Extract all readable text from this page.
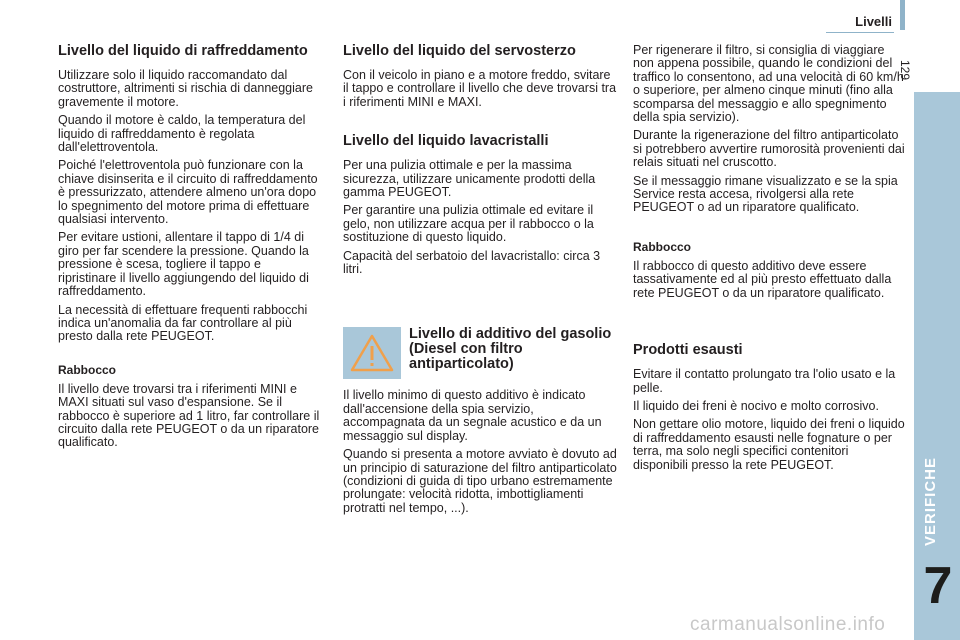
Livelli
129
VERIFICHE
7
Livello del liquido di raffreddamento

Utilizzare solo il liquido raccomandato dal costruttore, altrimenti si rischia di danneggiare gravemente il motore.

Quando il motore è caldo, la temperatura del liquido di raffreddamento è regolata dall'elettroventola.

Poiché l'elettroventola può funzionare con la chiave disinserita e il circuito di raffreddamento è pressurizzato, attendere almeno un'ora dopo lo spegnimento del motore prima di effettuare qualsiasi intervento.

Per evitare ustioni, allentare il tappo di 1/4 di giro per far scendere la pressione. Quando la pressione è scesa, togliere il tappo e ripristinare il livello aggiungendo del liquido di raffreddamento.

La necessità di effettuare frequenti rabbocchi indica un'anomalia da far controllare al più presto dalla rete PEUGEOT.

Rabbocco

Il livello deve trovarsi tra i riferimenti MINI e MAXI situati sul vaso d'espansione. Se il rabbocco è superiore ad 1 litro, far controllare il circuito dalla rete PEUGEOT o da un riparatore qualificato.

Livello del liquido del servosterzo

Con il veicolo in piano e a motore freddo, svitare il tappo e controllare il livello che deve trovarsi tra i riferimenti MINI e MAXI.

Livello del liquido lavacristalli

Per una pulizia ottimale e per la massima sicurezza, utilizzare unicamente prodotti della gamma PEUGEOT.

Per garantire una pulizia ottimale ed evitare il gelo, non utilizzare acqua per il rabbocco o la sostituzione di questo liquido.

Capacità del serbatoio del lavacristallo: circa 3 litri.

Livello di additivo del gasolio (Diesel con filtro antiparticolato)

Il livello minimo di questo additivo è indicato dall'accensione della spia servizio, accompagnata da un segnale acustico e da un messaggio sul display.

Quando si presenta a motore avviato è dovuto ad un principio di saturazione del filtro antiparticolato (condizioni di guida di tipo urbano estremamente prolungate: velocità ridotta, imbottigliamenti protratti nel tempo, ...).

Per rigenerare il filtro, si consiglia di viaggiare non appena possibile, quando le condizioni del traffico lo consentono, ad una velocità di 60 km/h o superiore, per almeno cinque minuti (fino alla scomparsa del messaggio e allo spegnimento della spia servizio).

Durante la rigenerazione del filtro antiparticolato si potrebbero avvertire rumorosità provenienti dai relais situati nel cruscotto.

Se il messaggio rimane visualizzato e se la spia Service resta accesa, rivolgersi alla rete PEUGEOT o ad un riparatore qualificato.

Rabbocco

Il rabbocco di questo additivo deve essere tassativamente ed al più presto effettuato dalla rete PEUGEOT o da un riparatore qualificato.

Prodotti esausti

Evitare il contatto prolungato tra l'olio usato e la pelle.

Il liquido dei freni è nocivo e molto corrosivo.

Non gettare olio motore, liquido dei freni o liquido di raffreddamento esausti nelle fognature o per terra, ma solo negli specifici contenitori disponibili presso la rete PEUGEOT.

carmanualsonline.info
